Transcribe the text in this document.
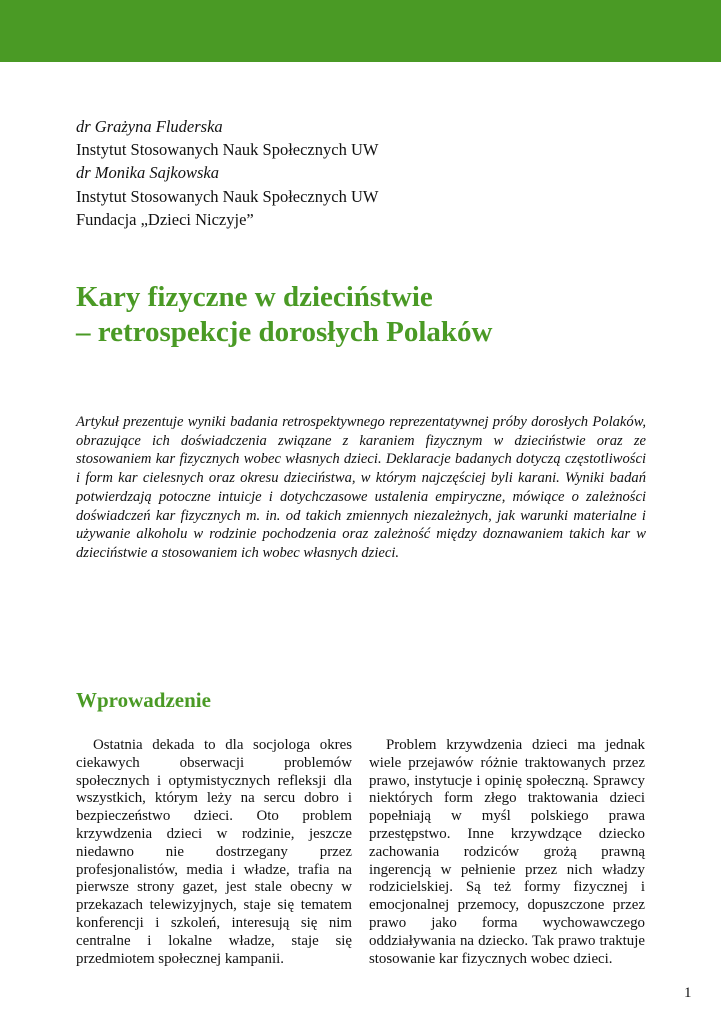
dr Grażyna Fluderska
Instytut Stosowanych Nauk Społecznych UW
dr Monika Sajkowska
Instytut Stosowanych Nauk Społecznych UW
Fundacja „Dzieci Niczyje”
Kary fizyczne w dzieciństwie
– retrospekcje dorosłych Polaków

Artykuł prezentuje wyniki badania retrospektywnego reprezentatywnej próby dorosłych Polaków, obrazujące ich doświadczenia związane z karaniem fizycznym w dzieciństwie oraz ze stosowaniem kar fizycznych wobec własnych dzieci. Deklaracje badanych dotyczą częstotliwości i form kar cielesnych oraz okresu dzieciństwa, w którym najczęściej byli karani. Wyniki badań potwierdzają potoczne intuicje i dotychczasowe ustalenia empiryczne, mówiące o zależności doświadczeń kar fizycznych m. in. od takich zmiennych niezależnych, jak warunki materialne i używanie alkoholu w rodzinie pochodzenia oraz zależność między doznawaniem takich kar w dzieciństwie a stosowaniem ich wobec własnych dzieci.

Wprowadzenie

Ostatnia dekada to dla socjologa okres ciekawych obserwacji problemów społecznych i optymistycznych refleksji dla wszystkich, którym leży na sercu dobro i bezpieczeństwo dzieci. Oto problem krzywdzenia dzieci w rodzinie, jeszcze niedawno nie dostrzegany przez profesjonalistów, media i władze, trafia na pierwsze strony gazet, jest stale obecny w przekazach telewizyjnych, staje się tematem konferencji i szkoleń, interesują się nim centralne i lokalne władze, staje się przedmiotem społecznej kampanii.

Problem krzywdzenia dzieci ma jednak wiele przejawów różnie traktowanych przez prawo, instytucje i opinię społeczną. Sprawcy niektórych form złego traktowania dzieci popełniają w myśl polskiego prawa przestępstwo. Inne krzywdzące dziecko zachowania rodziców grożą prawną ingerencją w pełnienie przez nich władzy rodzicielskiej. Są też formy fizycznej i emocjonalnej przemocy, dopuszczone przez prawo jako forma wychowawczego oddziaływania na dziecko. Tak prawo traktuje stosowanie kar fizycznych wobec dzieci.

1
